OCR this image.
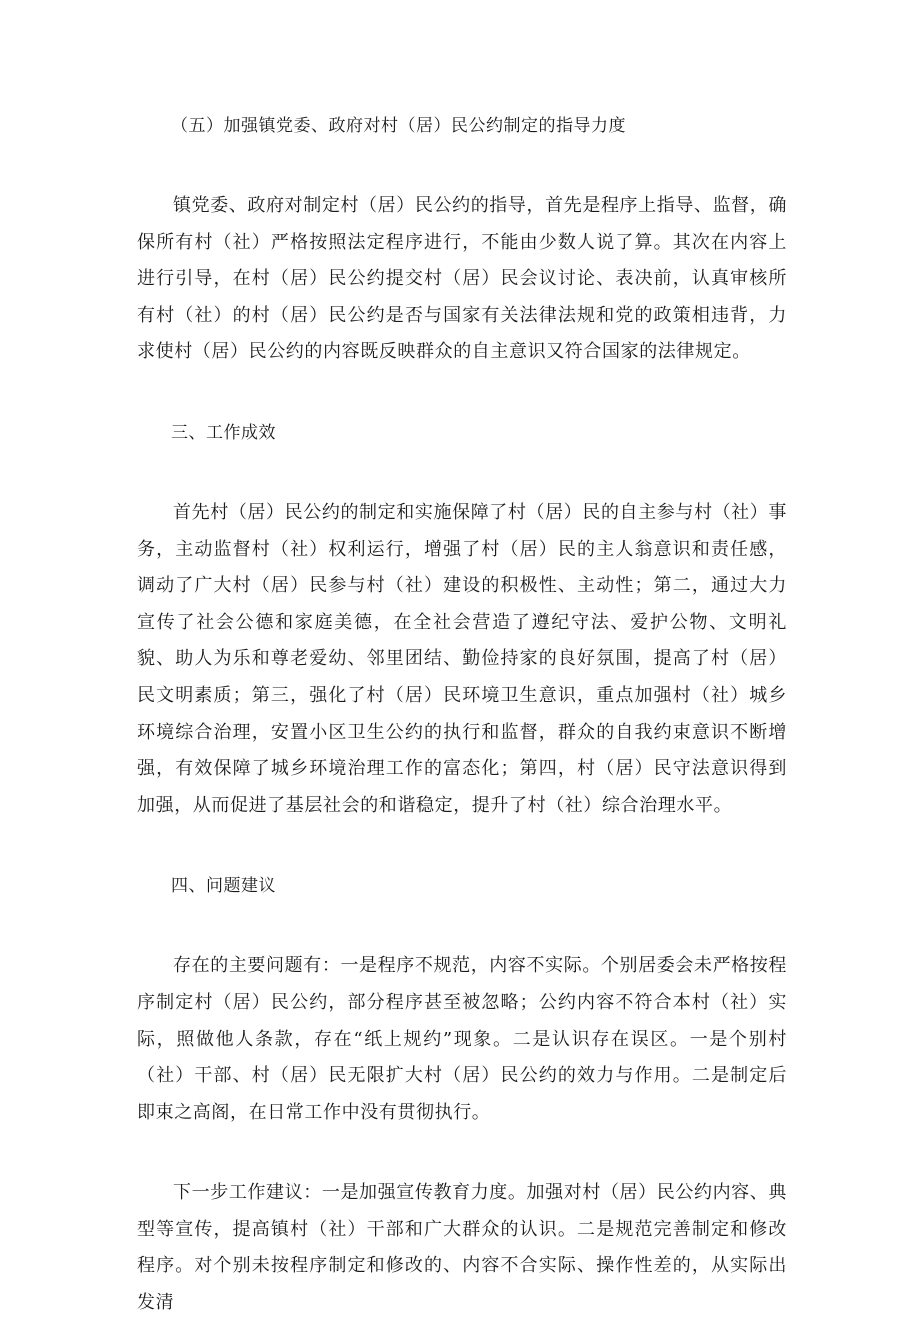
（五）加强镇党委、政府对村（居）民公约制定的指导力度

镇党委、政府对制定村（居）民公约的指导，首先是程序上指导、监督，确保所有村（社）严格按照法定程序进行，不能由少数人说了算。其次在内容上进行引导，在村（居）民公约提交村（居）民会议讨论、表决前，认真审核所有村（社）的村（居）民公约是否与国家有关法律法规和党的政策相违背，力求使村（居）民公约的内容既反映群众的自主意识又符合国家的法律规定。

三、工作成效

首先村（居）民公约的制定和实施保障了村（居）民的自主参与村（社）事务，主动监督村（社）权利运行，增强了村（居）民的主人翁意识和责任感，调动了广大村（居）民参与村（社）建设的积极性、主动性；第二，通过大力宣传了社会公德和家庭美德，在全社会营造了遵纪守法、爱护公物、文明礼貌、助人为乐和尊老爱幼、邻里团结、勤俭持家的良好氛围，提高了村（居）民文明素质；第三，强化了村（居）民环境卫生意识，重点加强村（社）城乡环境综合治理，安置小区卫生公约的执行和监督，群众的自我约束意识不断增强，有效保障了城乡环境治理工作的富态化；第四，村（居）民守法意识得到加强，从而促进了基层社会的和谐稳定，提升了村（社）综合治理水平。

四、问题建议

存在的主要问题有：一是程序不规范，内容不实际。个别居委会未严格按程序制定村（居）民公约，部分程序甚至被忽略；公约内容不符合本村（社）实际，照做他人条款，存在“纸上规约”现象。二是认识存在误区。一是个别村（社）干部、村（居）民无限扩大村（居）民公约的效力与作用。二是制定后即束之高阁，在日常工作中没有贯彻执行。

下一步工作建议：一是加强宣传教育力度。加强对村（居）民公约内容、典型等宣传，提高镇村（社）干部和广大群众的认识。二是规范完善制定和修改程序。对个别未按程序制定和修改的、内容不合实际、操作性差的，从实际出发清
